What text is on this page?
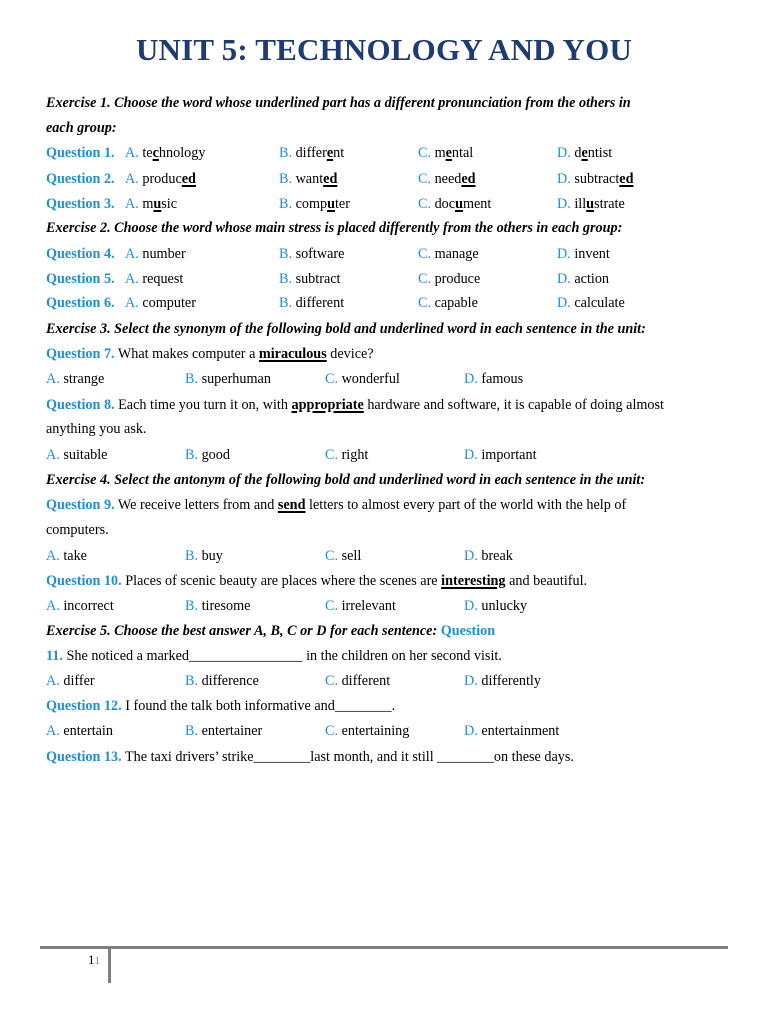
UNIT 5: TECHNOLOGY AND YOU
Exercise 1. Choose the word whose underlined part has a different pronunciation from the others in
each group:
Question 1. A. technology	B. different	C. mental	D. dentist
Question 2. A. produced	B. wanted	C. needed	D. subtracted
Question 3. A. music	B. computer	C. document	D. illustrate
Exercise 2. Choose the word whose main stress is placed differently from the others in each group:
Question 4. A. number	B. software	C. manage	D. invent
Question 5. A. request	B. subtract	C. produce	D. action
Question 6. A. computer	B. different	C. capable	D. calculate
Exercise 3. Select the synonym of the following bold and underlined word in each sentence in the unit:
Question 7. What makes computer a miraculous device?
A. strange	B. superhuman	C. wonderful	D. famous
Question 8. Each time you turn it on, with appropriate hardware and software, it is capable of doing almost
anything you ask.
A. suitable	B. good	C. right	D. important
Exercise 4. Select the antonym of the following bold and underlined word in each sentence in the unit:
Question 9. We receive letters from and send letters to almost every part of the world with the help of
computers.
A. take	B. buy	C. sell	D. break
Question 10. Places of scenic beauty are places where the scenes are interesting and beautiful.
A. incorrect	B. tiresome	C. irrelevant	D. unlucky
Exercise 5. Choose the best answer A, B, C or D for each sentence: Question
11. She noticed a marked________________ in the children on her second visit.
A. differ	B. difference	C. different	D. differently
Question 12. I found the talk both informative and________.
A. entertain	B. entertainer	C. entertaining	D. entertainment
Question 13. The taxi drivers’ strike________last month, and it still ________on these days.
11
